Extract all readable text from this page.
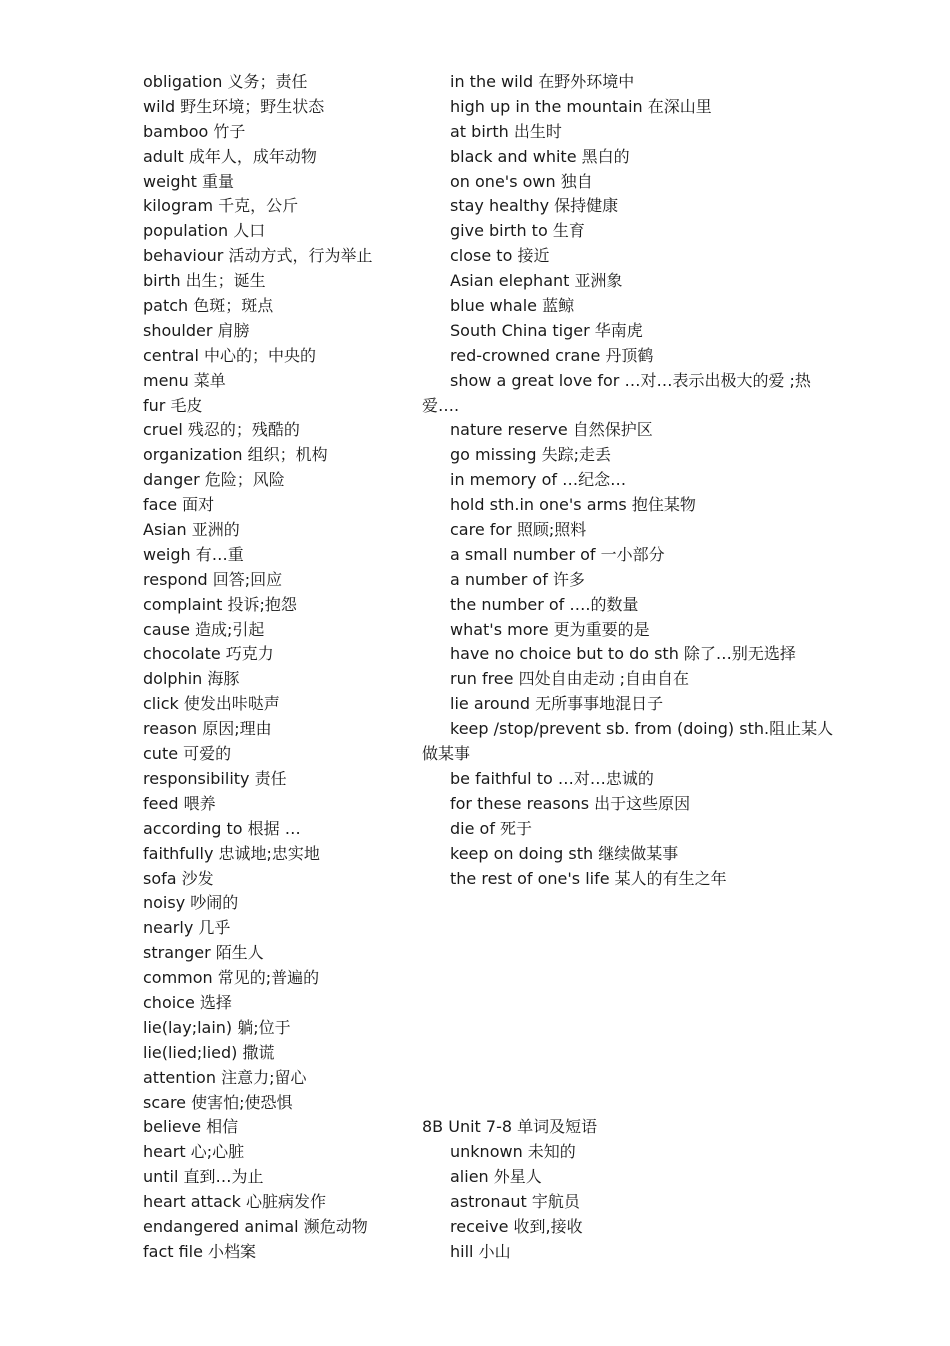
obligation 义务；责任
wild 野生环境；野生状态
bamboo 竹子
adult 成年人，成年动物
weight 重量
kilogram 千克，公斤
population 人口
behaviour 活动方式，行为举止
birth 出生；诞生
patch 色斑；斑点
shoulder 肩膀
central 中心的；中央的
menu 菜单
fur 毛皮
cruel 残忍的；残酷的
organization 组织；机构
danger 危险；风险
face 面对
Asian 亚洲的
weigh 有…重
respond 回答;回应
complaint 投诉;抱怨
cause 造成;引起
chocolate 巧克力
dolphin 海豚
click 使发出咔哒声
reason 原因;理由
cute 可爱的
responsibility 责任
feed 喂养
according to 根据 …
faithfully 忠诚地;忠实地
sofa 沙发
noisy 吵闹的
nearly 几乎
stranger 陌生人
common 常见的;普遍的
choice 选择
lie(lay;lain) 躺;位于
lie(lied;lied) 撒谎
attention 注意力;留心
scare 使害怕;使恐惧
believe 相信
heart 心;心脏
until 直到…为止
heart attack 心脏病发作
endangered animal 濒危动物
fact file 小档案
in the wild 在野外环境中
high up in the mountain 在深山里
at birth 出生时
black and white 黑白的
on one's own 独自
stay healthy 保持健康
give birth to 生育
close to 接近
Asian elephant 亚洲象
blue whale 蓝鲸
South China tiger 华南虎
red-crowned crane 丹顶鹤
show a great love for …对…表示出极大的爱 ;热
爱….
nature reserve 自然保护区
go missing 失踪;走丢
in memory of …纪念…
hold sth.in one's arms 抱住某物
care for 照顾;照料
a small number of 一小部分
a number of 许多
the number of ….的数量
what's more 更为重要的是
have no choice but to do sth 除了…别无选择
run free 四处自由走动 ;自由自在
lie around 无所事事地混日子
keep /stop/prevent sb. from (doing) sth.阻止某人
做某事
be faithful to …对…忠诚的
for these reasons 出于这些原因
die of 死于
keep on doing sth 继续做某事
the rest of one's life 某人的有生之年
8B Unit 7-8 单词及短语
unknown 未知的
alien 外星人
astronaut 宇航员
receive 收到,接收
hill 小山
